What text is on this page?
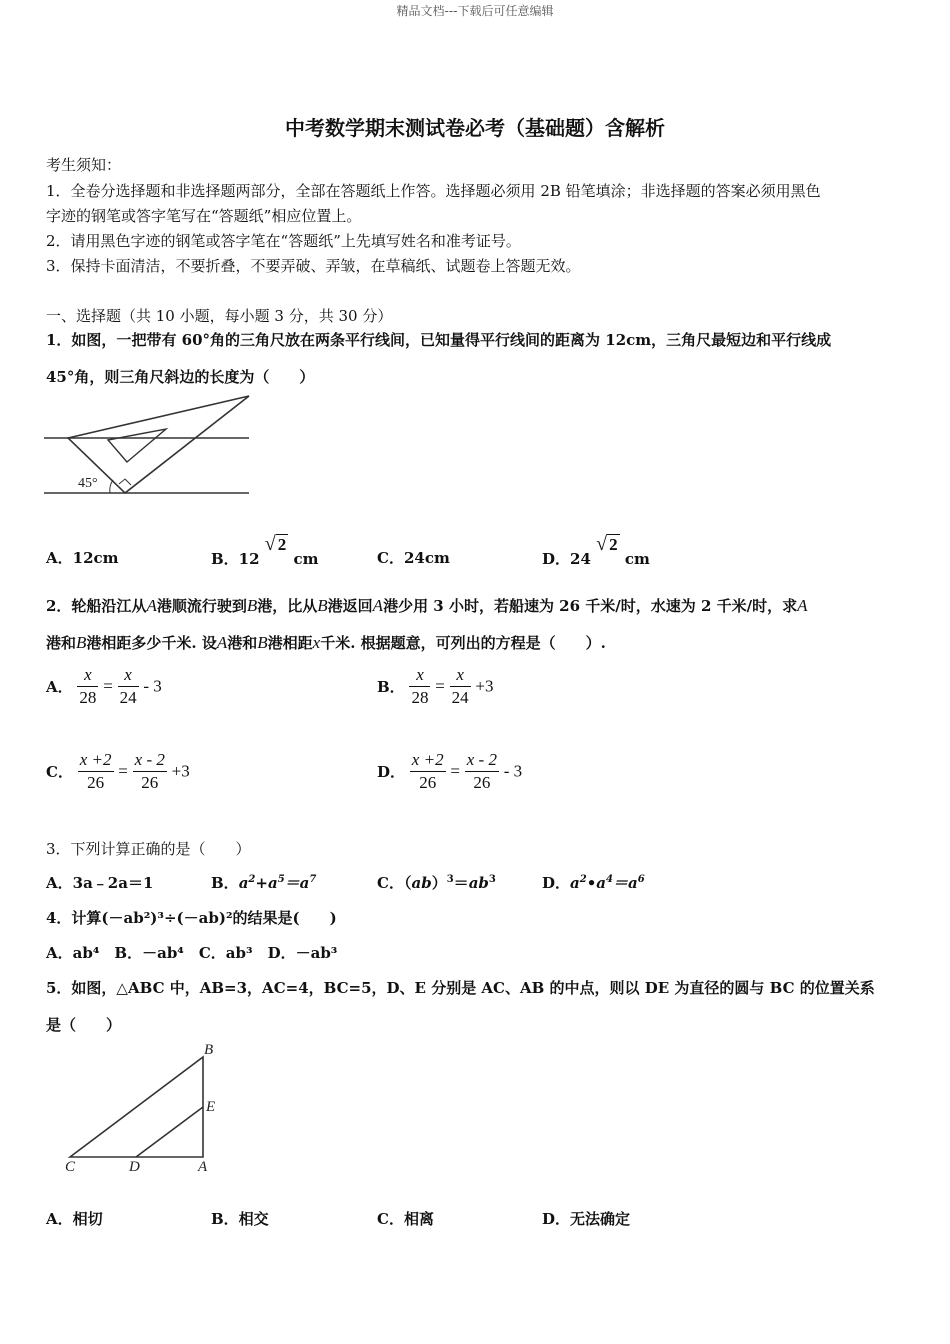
精品文档---下载后可任意编辑
中考数学期末测试卷必考（基础题）含解析
考生须知：
1．全卷分选择题和非选择题两部分，全部在答题纸上作答。选择题必须用 2B 铅笔填涂；非选择题的答案必须用黑色
字迹的钢笔或答字笔写在“答题纸”相应位置上。
2．请用黑色字迹的钢笔或答字笔在“答题纸”上先填写姓名和准考证号。
3．保持卡面清洁，不要折叠，不要弄破、弄皱，在草稿纸、试题卷上答题无效。
一、选择题（共 10 小题，每小题 3 分，共 30 分）
1．如图，一把带有 60°角的三角尺放在两条平行线间，已知量得平行线间的距离为 12cm，三角尺最短边和平行线成
45°角，则三角尺斜边的长度为（　　）
45°
A．12cm	B．12 √ 2 cm	C．24cm	D．24 √ 2 cm
2．轮船沿江从A港顺流行驶到B港，比从B港返回A港少用 3 小时，若船速为 26 千米/时，水速为 2 千米/时，求A
港和B港相距多少千米. 设A港和B港相距x千米. 根据题意，可列出的方程是（　　）.
A． $\frac{x}{28} = \frac{x}{24} - 3$	B． $\frac{x}{28} = \frac{x}{24} +3$
C． $\frac{x +2}{26} = \frac{x - 2}{26} +3$	D． $\frac{x +2}{26} = \frac{x - 2}{26} - 3$
3．下列计算正确的是（　　）
A．3a﹣2a＝1	B．$a^2+a^5=a^7$	C．$(ab)^3=ab^3$	D．$a^2•a^4=a^6$
4．计算(－ab²)³÷(－ab)²的结果是(　　)
A．ab⁴　B．－ab⁴　C．ab³　D．－ab³
5．如图，△ABC 中，AB=3，AC=4，BC=5，D、E 分别是 AC、AB 的中点，则以 DE 为直径的圆与 BC 的位置关系
是（　　）
B
E
C	D	A
A．相切	B．相交	C．相离	D．无法确定
